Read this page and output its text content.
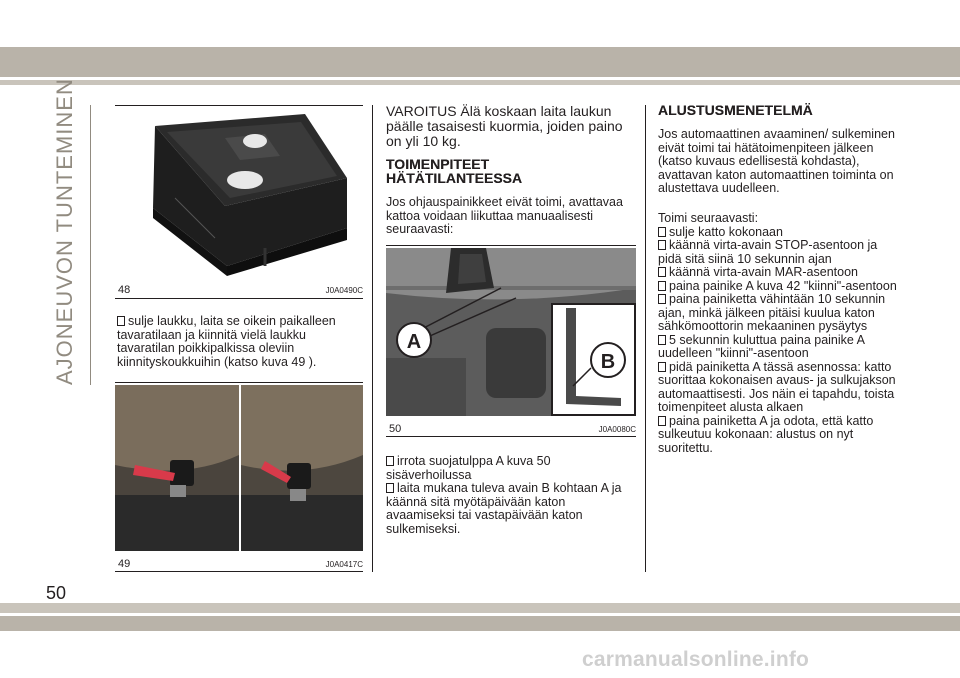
AJONEUVON TUNTEMINEN	48	J0A0490C

sulje laukku, laita se oikein paikalleen tavaratilaan ja kiinnitä vielä laukku tavaratilan poikkipalkissa oleviin kiinnityskoukkuihin (katso kuva 49 ).

49	J0A0417C
VAROITUS Älä koskaan laita laukun päälle tasaisesti kuormia, joiden paino on yli 10 kg.
TOIMENPITEET
HÄTÄTILANTEESSA
Jos ohjauspainikkeet eivät toimi, avattavaa kattoa voidaan liikuttaa manuaalisesti seuraavasti:
A
B
50	J0A0080C

irrota suojatulppa A kuva 50 sisäverhoilussa

laita mukana tuleva avain B kohtaan A ja käännä sitä myötäpäivään katon avaamiseksi tai vastapäivään katon sulkemiseksi.

ALUSTUSMENETELMÄ
Jos automaattinen avaaminen/ sulkeminen eivät toimi tai hätätoimenpiteen jälkeen (katso kuvaus edellisestä kohdasta), avattavan katon automaattinen toiminta on alustettava uudelleen.

Toimi seuraavasti:

sulje katto kokonaan

käännä virta-avain STOP-asentoon ja pidä sitä siinä 10 sekunnin ajan

käännä virta-avain MAR-asentoon

paina painike A kuva 42 "kiinni"-asentoon

paina painiketta vähintään 10 sekunnin ajan, minkä jälkeen pitäisi kuulua katon sähkömoottorin mekaaninen pysäytys

5 sekunnin kuluttua paina painike A uudelleen "kiinni"-asentoon

pidä painiketta A tässä asennossa: katto suorittaa kokonaisen avaus- ja sulkujakson automaattisesti. Jos näin ei tapahdu, toista toimenpiteet alusta alkaen

paina painiketta A ja odota, että katto sulkeutuu kokonaan: alustus on nyt suoritettu.

50
carmanualsonline.info
